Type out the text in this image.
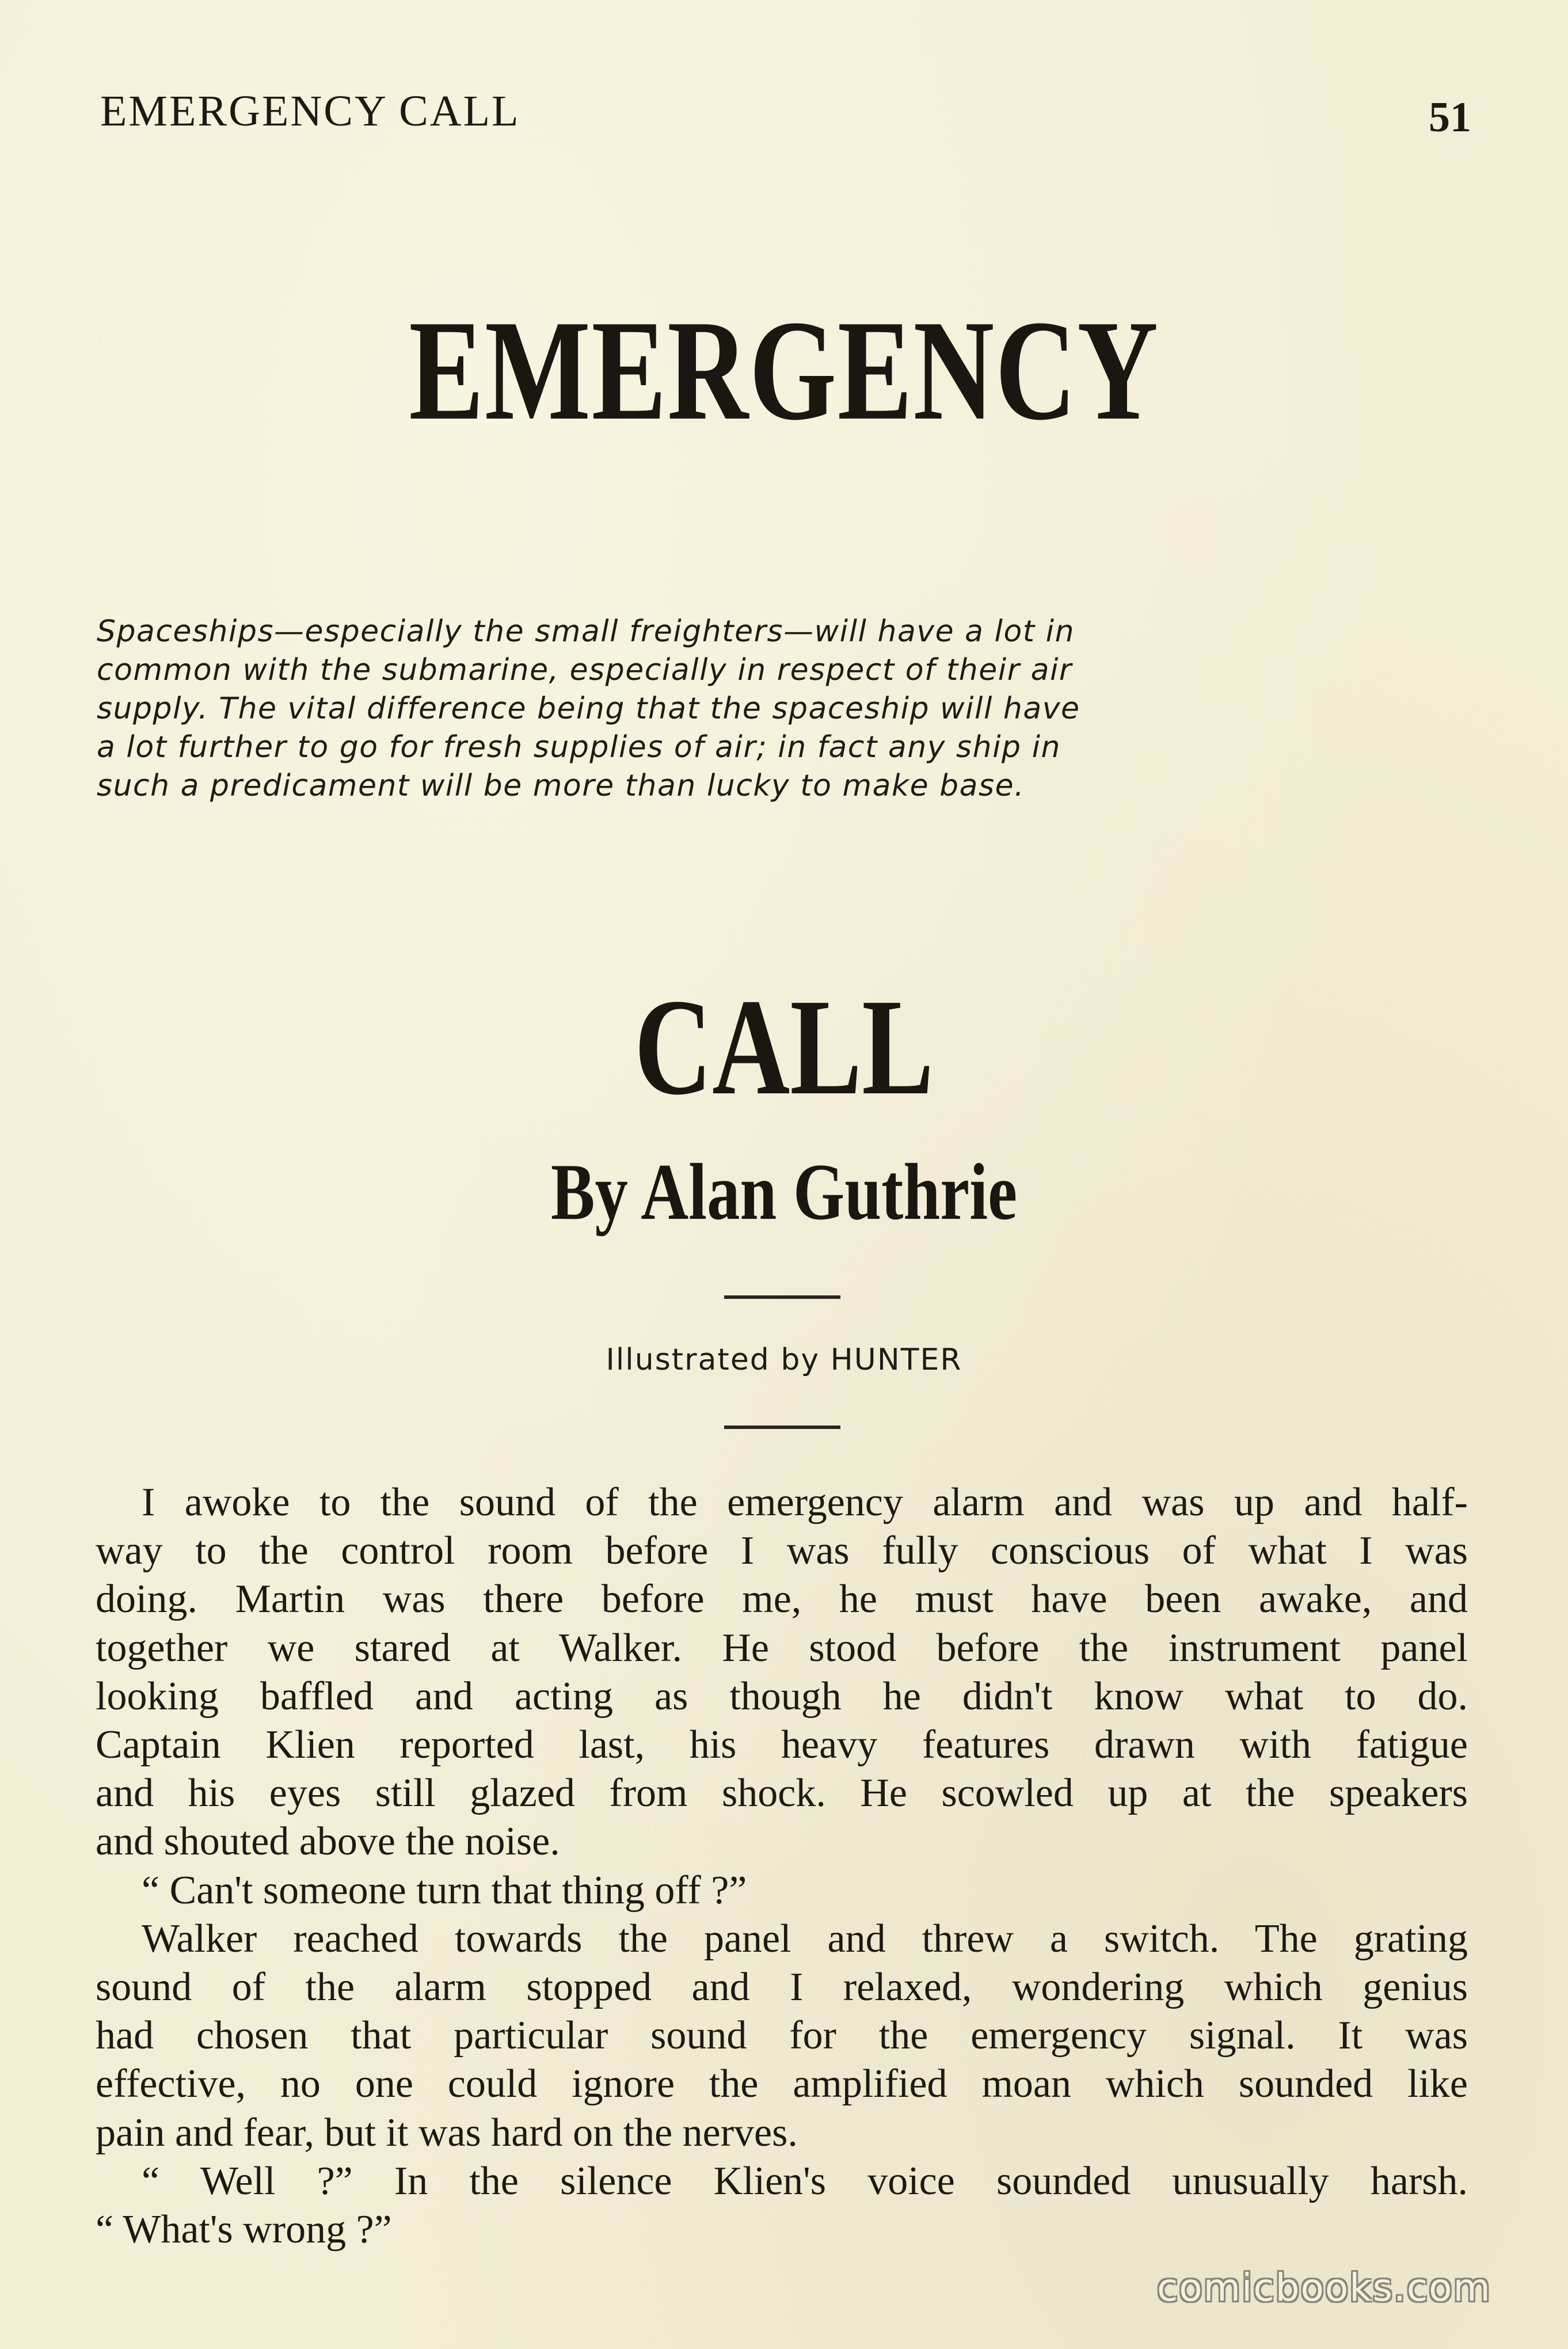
EMERGENCY CALL	51
EMERGENCY
Spaceships—especially the small freighters—will have a lot in
common with the submarine, especially in respect of their air
supply. The vital difference being that the spaceship will have
a lot further to go for fresh supplies of air; in fact any ship in
such a predicament will be more than lucky to make base.
CALL
By Alan Guthrie
Illustrated by HUNTER
I awoke to the sound of the emergency alarm and was up and half-
way to the control room before I was fully conscious of what I was
doing. Martin was there before me, he must have been awake, and
together we stared at Walker. He stood before the instrument panel
looking baffled and acting as though he didn't know what to do.
Captain Klien reported last, his heavy features drawn with fatigue
and his eyes still glazed from shock. He scowled up at the speakers
and shouted above the noise.
“ Can't someone turn that thing off ?”
Walker reached towards the panel and threw a switch. The grating
sound of the alarm stopped and I relaxed, wondering which genius
had chosen that particular sound for the emergency signal. It was
effective, no one could ignore the amplified moan which sounded like
pain and fear, but it was hard on the nerves.
“ Well ?” In the silence Klien's voice sounded unusually harsh.
“ What's wrong ?”
comicbooks.com
